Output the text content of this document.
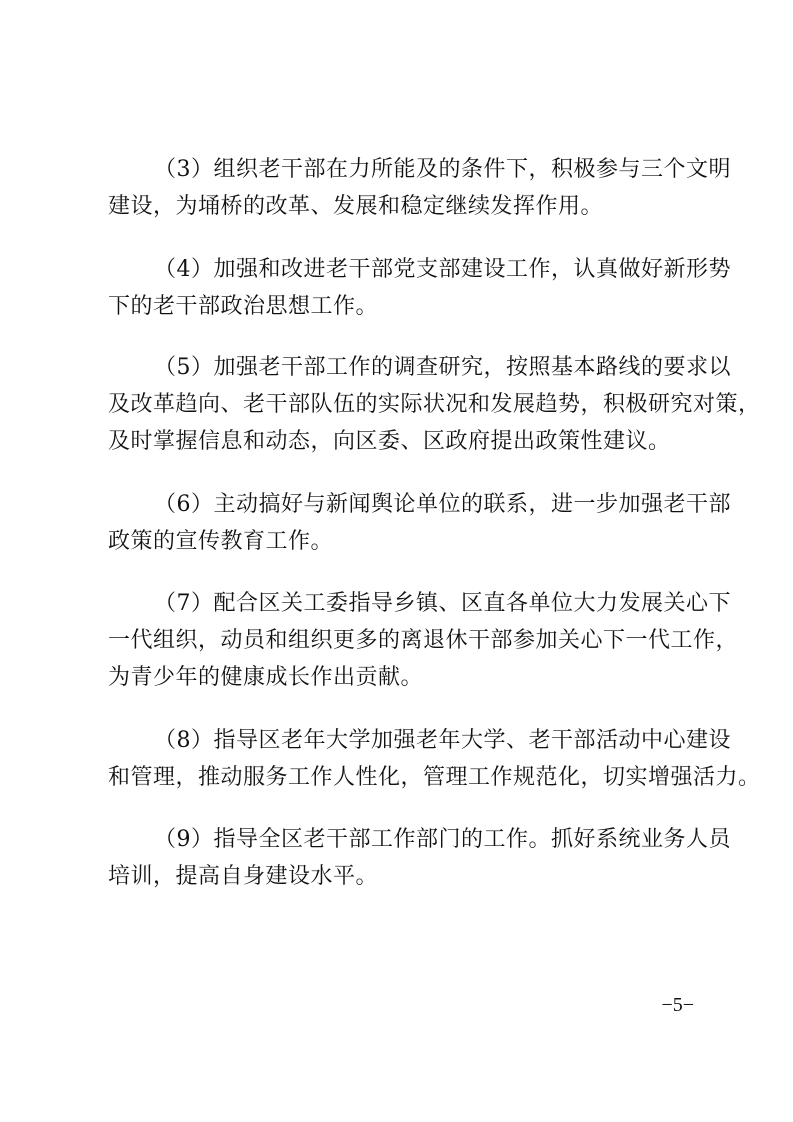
（3）组织老干部在力所能及的条件下，积极参与三个文明
建设，为埇桥的改革、发展和稳定继续发挥作用。
（4）加强和改进老干部党支部建设工作，认真做好新形势
下的老干部政治思想工作。
（5）加强老干部工作的调查研究，按照基本路线的要求以
及改革趋向、老干部队伍的实际状况和发展趋势，积极研究对策，
及时掌握信息和动态，向区委、区政府提出政策性建议。
（6）主动搞好与新闻舆论单位的联系，进一步加强老干部
政策的宣传教育工作。
（7）配合区关工委指导乡镇、区直各单位大力发展关心下
一代组织，动员和组织更多的离退休干部参加关心下一代工作，
为青少年的健康成长作出贡献。
（8）指导区老年大学加强老年大学、老干部活动中心建设
和管理，推动服务工作人性化，管理工作规范化，切实增强活力。
（9）指导全区老干部工作部门的工作。抓好系统业务人员
培训，提高自身建设水平。
−5−
